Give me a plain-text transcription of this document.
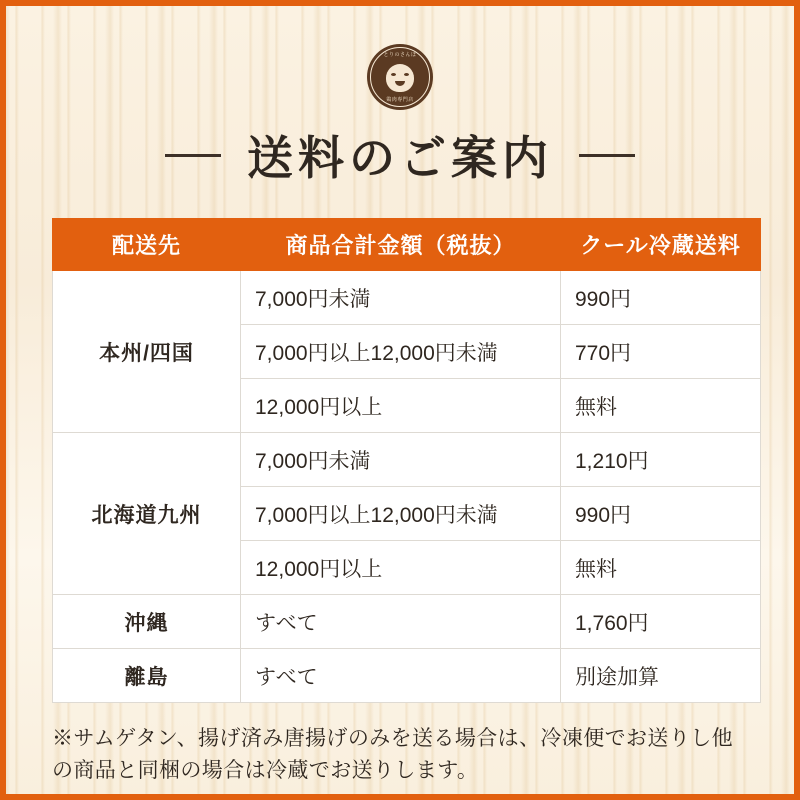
とりのさんぽ
鶏肉専門店
送料のご案内
配送先	商品合計金額（税抜）	クール冷蔵送料
本州/四国	7,000円未満	990円
	7,000円以上12,000円未満	770円
	12,000円以上	無料
北海道九州	7,000円未満	1,210円
	7,000円以上12,000円未満	990円
	12,000円以上	無料
沖縄	すべて	1,760円
離島	すべて	別途加算
※サムゲタン、揚げ済み唐揚げのみを送る場合は、冷凍便でお送りし他の商品と同梱の場合は冷蔵でお送りします。
